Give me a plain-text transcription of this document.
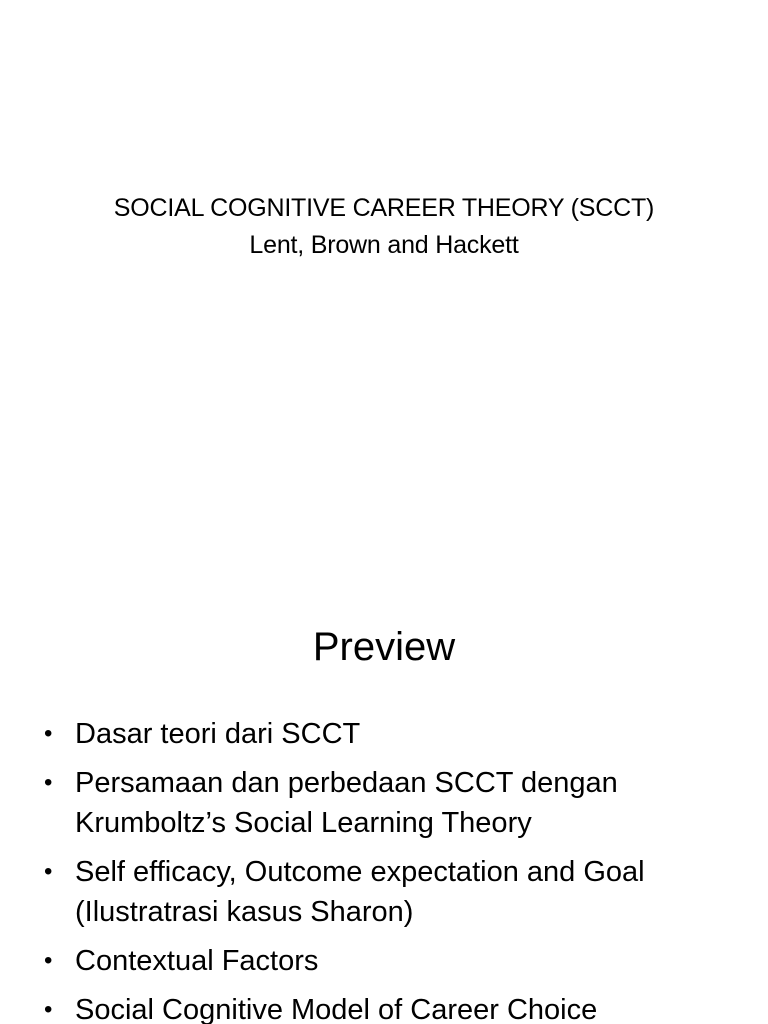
SOCIAL COGNITIVE CAREER THEORY (SCCT)
Lent, Brown and Hackett
Preview
• Dasar teori dari SCCT
• Persamaan dan perbedaan SCCT dengan
Krumboltz’s Social Learning Theory
• Self efficacy, Outcome expectation and Goal
(Ilustratrasi kasus Sharon)
• Contextual Factors
• Social Cognitive Model of Career Choice
